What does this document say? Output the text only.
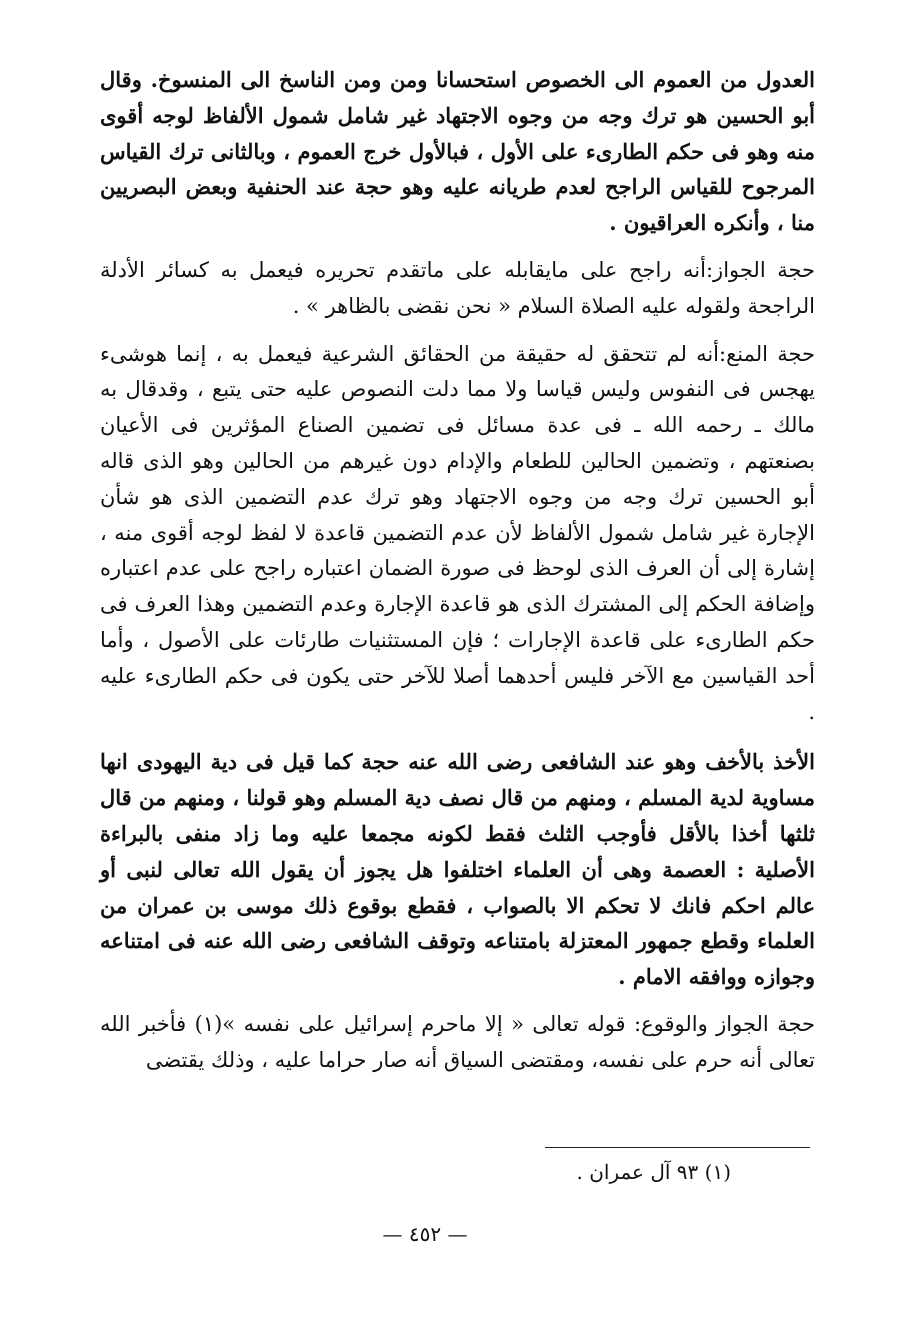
العدول من العموم الى الخصوص استحسانا ومن ومن الناسخ الى المنسوخ. وقال أبو الحسين هو ترك وجه من وجوه الاجتهاد غير شامل شمول الألفاظ لوجه أقوى منه وهو فى حكم الطارىء على الأول ، فبالأول خرج العموم ، وبالثانى ترك القياس المرجوح للقياس الراجح لعدم طريانه عليه وهو حجة عند الحنفية وبعض البصريين منا ، وأنكره العراقيون .

حجة الجواز:أنه راجح على مايقابله على ماتقدم تحريره فيعمل به كسائر الأدلة الراجحة ولقوله عليه الصلاة السلام « نحن نقضى بالظاهر » .

حجة المنع:أنه لم تتحقق له حقيقة من الحقائق الشرعية فيعمل به ، إنما هوشىء يهجس فى النفوس وليس قياسا ولا مما دلت النصوص عليه حتى يتبع ، وقدقال به مالك ـ رحمه الله ـ فى عدة مسائل فى تضمين الصناع المؤثرين فى الأعيان بصنعتهم ، وتضمين الحالين للطعام والإدام دون غيرهم من الحالين وهو الذى قاله أبو الحسين ترك وجه من وجوه الاجتهاد وهو ترك عدم التضمين الذى هو شأن الإجارة غير شامل شمول الألفاظ لأن عدم التضمين قاعدة لا لفظ لوجه أقوى منه ، إشارة إلى أن العرف الذى لوحظ فى صورة الضمان اعتباره راجح على عدم اعتباره وإضافة الحكم إلى المشترك الذى هو قاعدة الإجارة وعدم التضمين وهذا العرف فى حكم الطارىء على قاعدة الإجارات ؛ فإن المستثنيات طارئات على الأصول ، وأما أحد القياسين مع الآخر فليس أحدهما أصلا للآخر حتى يكون فى حكم الطارىء عليه .

الأخذ بالأخف وهو عند الشافعى رضى الله عنه حجة كما قيل فى دية اليهودى انها مساوية لدية المسلم ، ومنهم من قال نصف دية المسلم وهو قولنا ، ومنهم من قال ثلثها أخذا بالأقل فأوجب الثلث فقط لكونه مجمعا عليه وما زاد منفى بالبراءة الأصلية : العصمة وهى أن العلماء اختلفوا هل يجوز أن يقول الله تعالى لنبى أو عالم احكم فانك لا تحكم الا بالصواب ، فقطع بوقوع ذلك موسى بن عمران من العلماء وقطع جمهور المعتزلة بامتناعه وتوقف الشافعى رضى الله عنه فى امتناعه وجوازه ووافقه الامام .

حجة الجواز والوقوع: قوله تعالى « إلا ماحرم إسرائيل على نفسه »(١) فأخبر الله تعالى أنه حرم على نفسه، ومقتضى السياق أنه صار حراما عليه ، وذلك يقتضى

(١) ٩٣ آل عمران .
— ٤٥٢ —
